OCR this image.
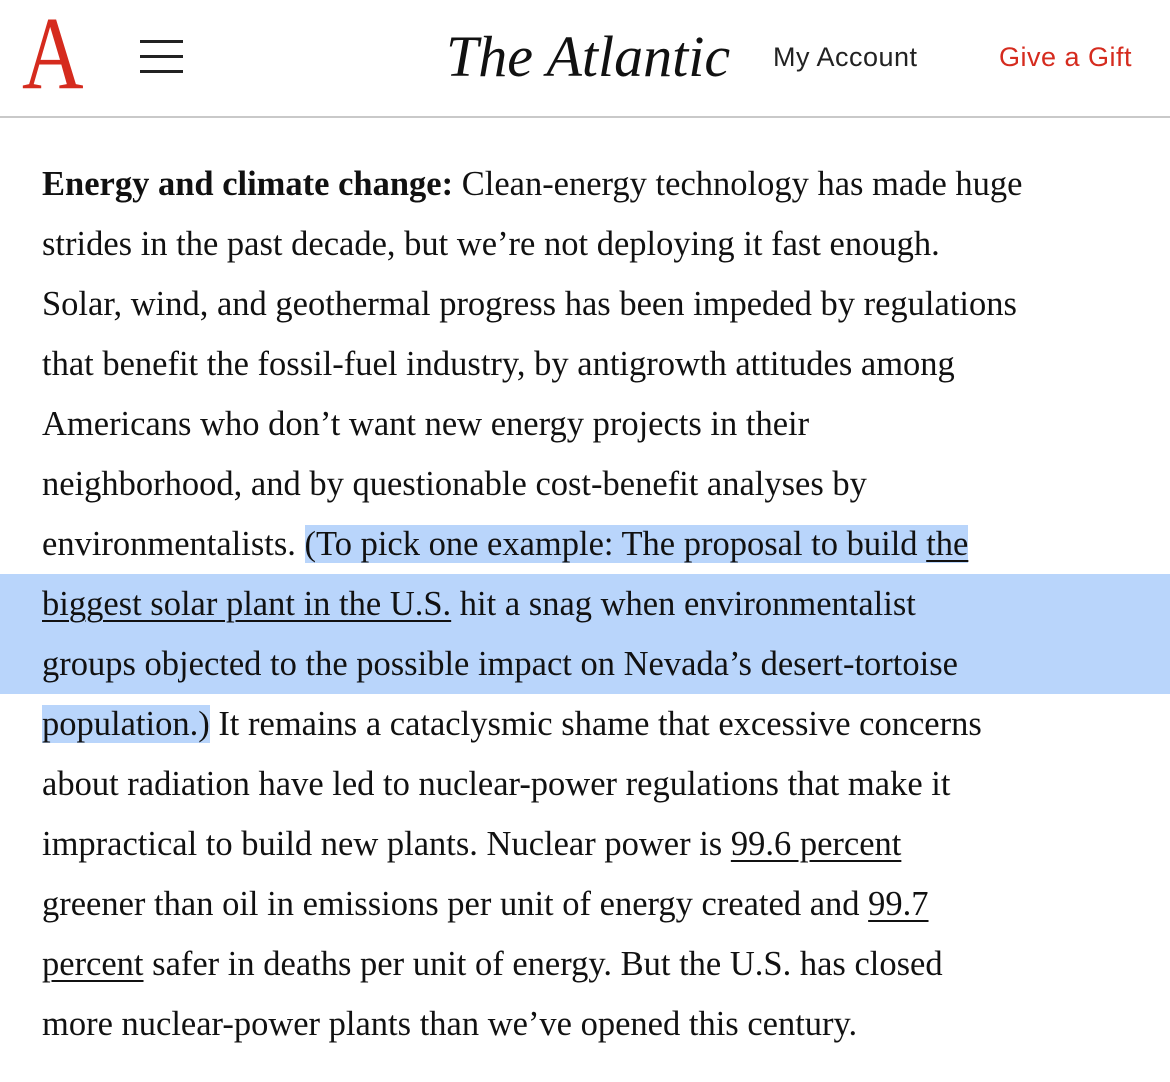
A	The Atlantic My Account	Give a Gift
Energy and climate change: Clean-energy technology has made huge
strides in the past decade, but we’re not deploying it fast enough.
Solar, wind, and geothermal progress has been impeded by regulations
that benefit the fossil-fuel industry, by antigrowth attitudes among
Americans who don’t want new energy projects in their
neighborhood, and by questionable cost-benefit analyses by
environmentalists. (To pick one example: The proposal to build the
biggest solar plant in the U.S. hit a snag when environmentalist
groups objected to the possible impact on Nevada’s desert-tortoise
population.) It remains a cataclysmic shame that excessive concerns
about radiation have led to nuclear-power regulations that make it
impractical to build new plants. Nuclear power is 99.6 percent
greener than oil in emissions per unit of energy created and 99.7
percent safer in deaths per unit of energy. But the U.S. has closed
more nuclear-power plants than we’ve opened this century.
